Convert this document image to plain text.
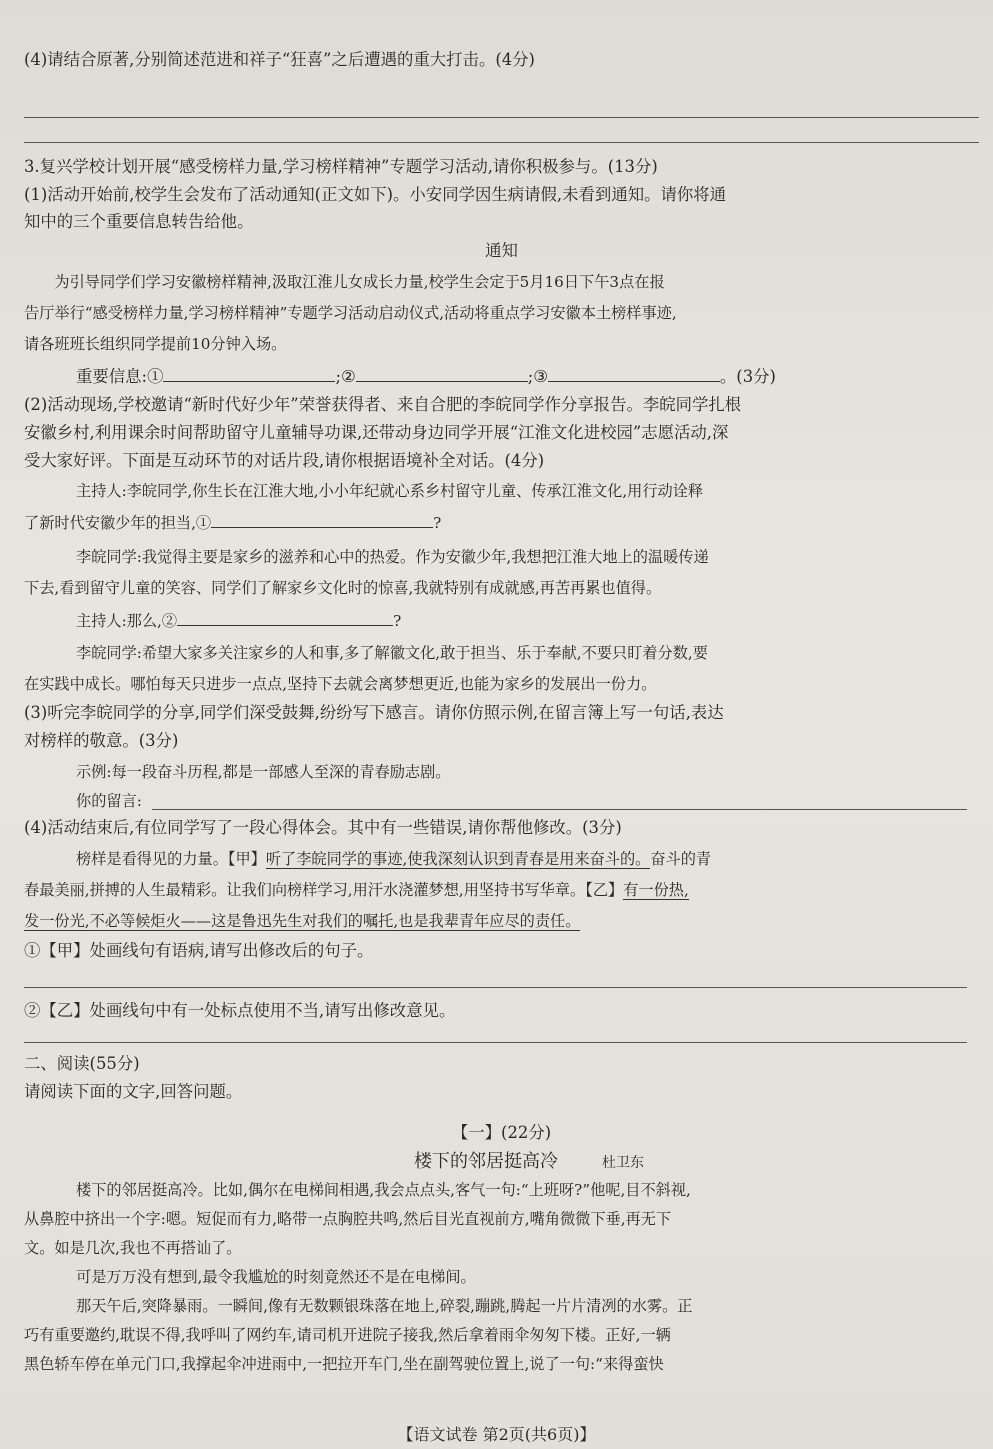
(4)请结合原著,分别简述范进和祥子“狂喜”之后遭遇的重大打击。(4分)
3.复兴学校计划开展“感受榜样力量,学习榜样精神”专题学习活动,请你积极参与。(13分)
(1)活动开始前,校学生会发布了活动通知(正文如下)。小安同学因生病请假,未看到通知。请你将通
知中的三个重要信息转告给他。
通知
为引导同学们学习安徽榜样精神,汲取江淮儿女成长力量,校学生会定于5月16日下午3点在报
告厅举行“感受榜样力量,学习榜样精神”专题学习活动启动仪式,活动将重点学习安徽本土榜样事迹,
请各班班长组织同学提前10分钟入场。
重要信息:①	;②	;③	。(3分)
(2)活动现场,学校邀请“新时代好少年”荣誉获得者、来自合肥的李皖同学作分享报告。李皖同学扎根
安徽乡村,利用课余时间帮助留守儿童辅导功课,还带动身边同学开展“江淮文化进校园”志愿活动,深
受大家好评。下面是互动环节的对话片段,请你根据语境补全对话。(4分)
主持人:李皖同学,你生长在江淮大地,小小年纪就心系乡村留守儿童、传承江淮文化,用行动诠释
了新时代安徽少年的担当,①	?
李皖同学:我觉得主要是家乡的滋养和心中的热爱。作为安徽少年,我想把江淮大地上的温暖传递
下去,看到留守儿童的笑容、同学们了解家乡文化时的惊喜,我就特别有成就感,再苦再累也值得。
主持人:那么,②	?
李皖同学:希望大家多关注家乡的人和事,多了解徽文化,敢于担当、乐于奉献,不要只盯着分数,要
在实践中成长。哪怕每天只进步一点点,坚持下去就会离梦想更近,也能为家乡的发展出一份力。
(3)听完李皖同学的分享,同学们深受鼓舞,纷纷写下感言。请你仿照示例,在留言簿上写一句话,表达
对榜样的敬意。(3分)
示例:每一段奋斗历程,都是一部感人至深的青春励志剧。
你的留言:
(4)活动结束后,有位同学写了一段心得体会。其中有一些错误,请你帮他修改。(3分)
榜样是看得见的力量。【甲】听了李皖同学的事迹,使我深刻认识到青春是用来奋斗的。奋斗的青
春最美丽,拼搏的人生最精彩。让我们向榜样学习,用汗水浇灌梦想,用坚持书写华章。【乙】有一份热,
发一份光,不必等候炬火——这是鲁迅先生对我们的嘱托,也是我辈青年应尽的责任。
①【甲】处画线句有语病,请写出修改后的句子。
②【乙】处画线句中有一处标点使用不当,请写出修改意见。
二、阅读(55分)
请阅读下面的文字,回答问题。
【一】(22分)
楼下的邻居挺高冷	杜卫东
楼下的邻居挺高冷。比如,偶尔在电梯间相遇,我会点点头,客气一句:“上班呀?”他呢,目不斜视,
从鼻腔中挤出一个字:嗯。短促而有力,略带一点胸腔共鸣,然后目光直视前方,嘴角微微下垂,再无下
文。如是几次,我也不再搭讪了。
可是万万没有想到,最令我尴尬的时刻竟然还不是在电梯间。
那天午后,突降暴雨。一瞬间,像有无数颗银珠落在地上,碎裂,蹦跳,腾起一片片清冽的水雾。正
巧有重要邀约,耽误不得,我呼叫了网约车,请司机开进院子接我,然后拿着雨伞匆匆下楼。正好,一辆
黑色轿车停在单元门口,我撑起伞冲进雨中,一把拉开车门,坐在副驾驶位置上,说了一句:“来得蛮快
【语文试卷 第2页(共6页)】
